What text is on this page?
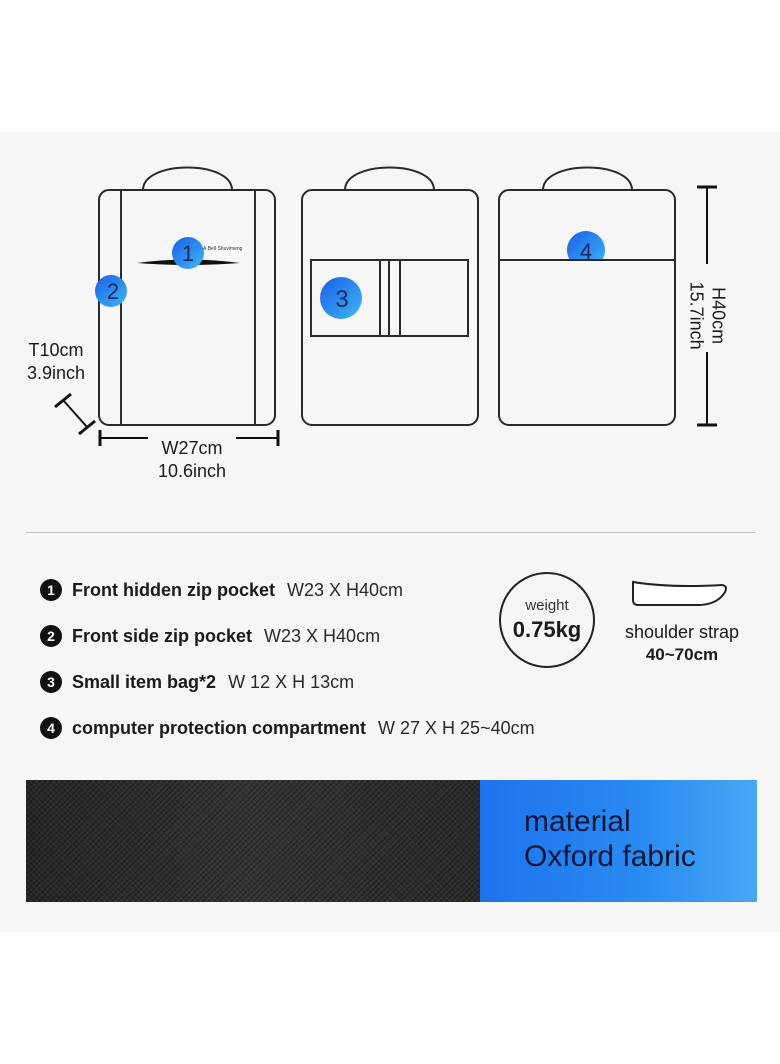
1 A.Bell Shuvimeng
2	3
4
T10cm
3.9inch
W27cm
10.6inch
H40cm
15.7inch
1 Front hidden zip pocket W23 X H40cm
2 Front side zip pocket W23 X H40cm
3 Small item bag*2 W 12 X H 13cm
4 computer protection compartment W 27 X H 25~40cm
weight
0.75kg	shoulder strap
40~70cm
material
Oxford fabric
